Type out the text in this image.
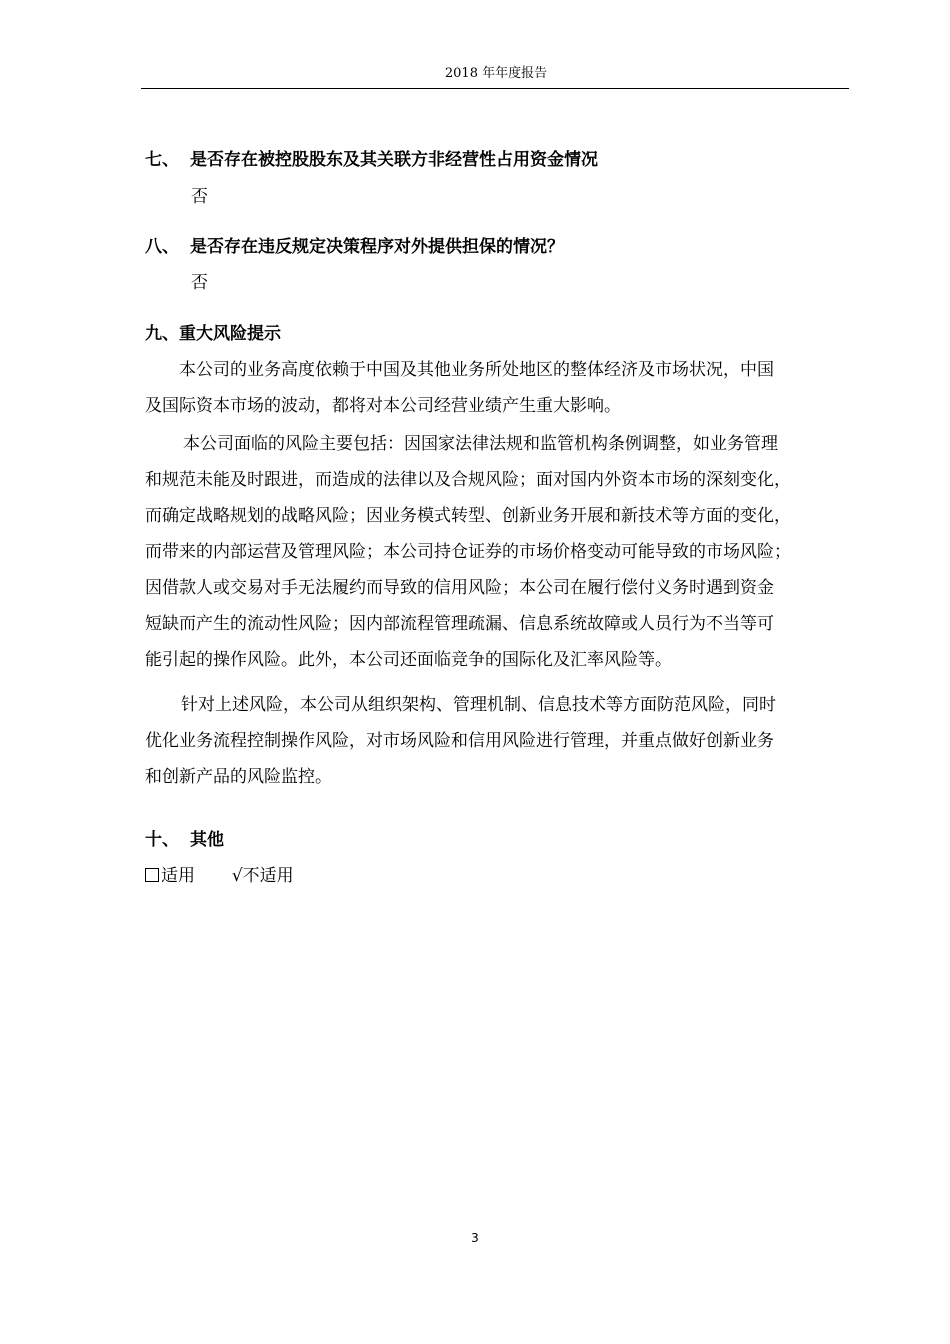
2018 年年度报告
七、 是否存在被控股股东及其关联方非经营性占用资金情况
否
八、 是否存在违反规定决策程序对外提供担保的情况？
否
九、重大风险提示
本公司的业务高度依赖于中国及其他业务所处地区的整体经济及市场状况，中国
及国际资本市场的波动，都将对本公司经营业绩产生重大影响。
本公司面临的风险主要包括：因国家法律法规和监管机构条例调整，如业务管理
和规范未能及时跟进，而造成的法律以及合规风险；面对国内外资本市场的深刻变化，
而确定战略规划的战略风险；因业务模式转型、创新业务开展和新技术等方面的变化，
而带来的内部运营及管理风险；本公司持仓证券的市场价格变动可能导致的市场风险；
因借款人或交易对手无法履约而导致的信用风险；本公司在履行偿付义务时遇到资金
短缺而产生的流动性风险；因内部流程管理疏漏、信息系统故障或人员行为不当等可
能引起的操作风险。此外，本公司还面临竞争的国际化及汇率风险等。
针对上述风险，本公司从组织架构、管理机制、信息技术等方面防范风险，同时
优化业务流程控制操作风险，对市场风险和信用风险进行管理，并重点做好创新业务
和创新产品的风险监控。
十、 其他
适用 √不适用
3
